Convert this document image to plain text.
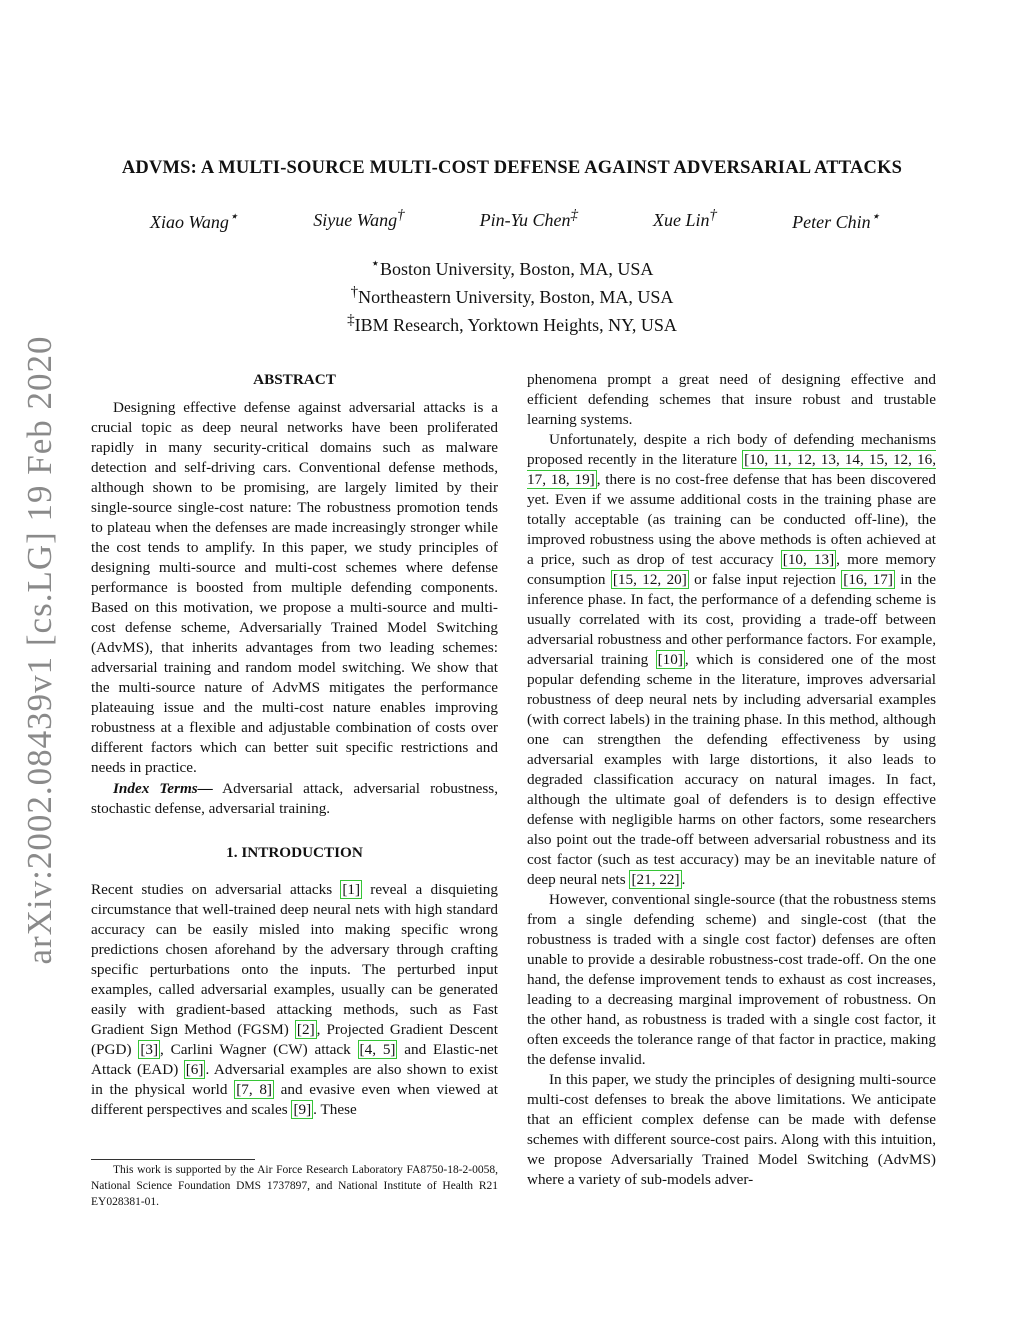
arXiv:2002.08439v1 [cs.LG] 19 Feb 2020
ADVMS: A MULTI-SOURCE MULTI-COST DEFENSE AGAINST ADVERSARIAL ATTACKS
Xiao Wang⋆	Siyue Wang†	Pin-Yu Chen‡	Xue Lin†	Peter Chin⋆
⋆Boston University, Boston, MA, USA
†Northeastern University, Boston, MA, USA
‡IBM Research, Yorktown Heights, NY, USA

ABSTRACT

Designing effective defense against adversarial attacks is a crucial topic as deep neural networks have been proliferated rapidly in many security-critical domains such as malware detection and self-driving cars. Conventional defense methods, although shown to be promising, are largely limited by their single-source single-cost nature: The robustness promotion tends to plateau when the defenses are made increasingly stronger while the cost tends to amplify. In this paper, we study principles of designing multi-source and multi-cost schemes where defense performance is boosted from multiple defending components. Based on this motivation, we propose a multi-source and multi-cost defense scheme, Adversarially Trained Model Switching (AdvMS), that inherits advantages from two leading schemes: adversarial training and random model switching. We show that the multi-source nature of AdvMS mitigates the performance plateauing issue and the multi-cost nature enables improving robustness at a flexible and adjustable combination of costs over different factors which can better suit specific restrictions and needs in practice.

Index Terms— Adversarial attack, adversarial robustness, stochastic defense, adversarial training.

1. INTRODUCTION

Recent studies on adversarial attacks [1] reveal a disquieting circumstance that well-trained deep neural nets with high standard accuracy can be easily misled into making specific wrong predictions chosen aforehand by the adversary through crafting specific perturbations onto the inputs. The perturbed input examples, called adversarial examples, usually can be generated easily with gradient-based attacking methods, such as Fast Gradient Sign Method (FGSM) [2] , Projected Gradient Descent (PGD) [3] , Carlini Wagner (CW) attack [4, 5] and Elastic-net Attack (EAD) [6] . Adversarial examples are also shown to exist in the physical world [7, 8] and evasive even when viewed at different perspectives and scales [9] . These

This work is supported by the Air Force Research Laboratory FA8750-18-2-0058, National Science Foundation DMS 1737897, and National Institute of Health R21 EY028381-01.

phenomena prompt a great need of designing effective and efficient defending schemes that insure robust and trustable learning systems.

Unfortunately, despite a rich body of defending mechanisms proposed recently in the literature [10, 11, 12, 13, 14, 15, 12, 16, 17, 18, 19] , there is no cost-free defense that has been discovered yet. Even if we assume additional costs in the training phase are totally acceptable (as training can be conducted off-line), the improved robustness using the above methods is often achieved at a price, such as drop of test accuracy [10, 13] , more memory consumption [15, 12, 20] or false input rejection [16, 17] in the inference phase. In fact, the performance of a defending scheme is usually correlated with its cost, providing a trade-off between adversarial robustness and other performance factors. For example, adversarial training [10] , which is considered one of the most popular defending scheme in the literature, improves adversarial robustness of deep neural nets by including adversarial examples (with correct labels) in the training phase. In this method, although one can strengthen the defending effectiveness by using adversarial examples with large distortions, it also leads to degraded classification accuracy on natural images. In fact, although the ultimate goal of defenders is to design effective defense with negligible harms on other factors, some researchers also point out the trade-off between adversarial robustness and its cost factor (such as test accuracy) may be an inevitable nature of deep neural nets [21, 22] .

However, conventional single-source (that the robustness stems from a single defending scheme) and single-cost (that the robustness is traded with a single cost factor) defenses are often unable to provide a desirable robustness-cost trade-off. On the one hand, the defense improvement tends to exhaust as cost increases, leading to a decreasing marginal improvement of robustness. On the other hand, as robustness is traded with a single cost factor, it often exceeds the tolerance range of that factor in practice, making the defense invalid.

In this paper, we study the principles of designing multi-source multi-cost defenses to break the above limitations. We anticipate that an efficient complex defense can be made with defense schemes with different source-cost pairs. Along with this intuition, we propose Adversarially Trained Model Switching (AdvMS) where a variety of sub-models adver-
